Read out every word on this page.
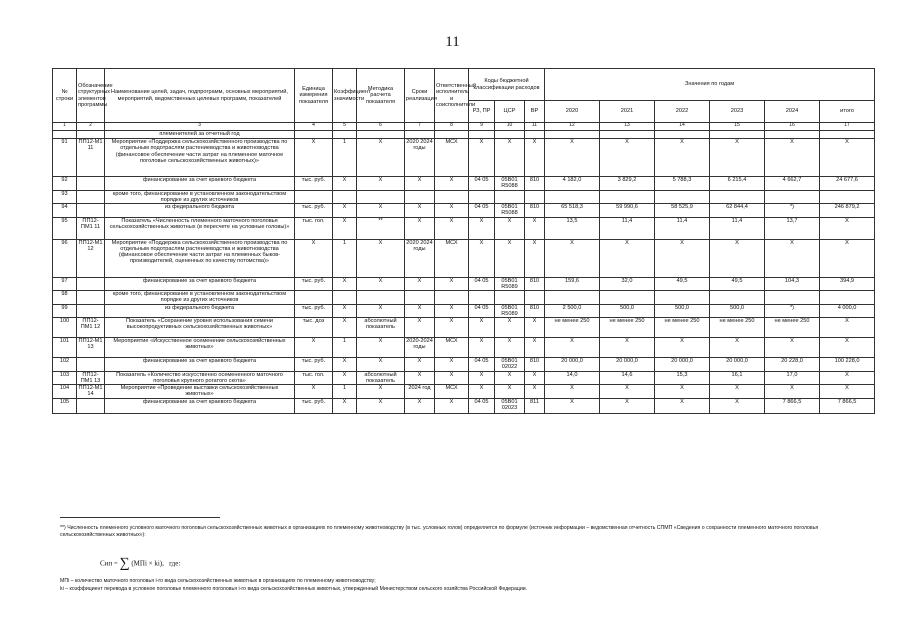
11
№ строки	Обозначение структурных элементов программы	Наименование целей, задач, подпрограмм, основных мероприятий, мероприятий, ведомственных целевых программ, показателей	Единица измерения показателя	Коэффициент значимости	Методика расчета показателя	Сроки реализации	Ответственный исполнитель и соисполнители	Коды бюджетной классификации расходов			Значения по годам					
								РЗ, ПР	ЦСР	ВР	2020	2021	2022	2023	2024	итого
1	2	3	4	5	6	7	8	9	10	11	12	13	14	15	16	17
		племенителей за отчетный год														
91	ПП12-М1 11	Мероприятие «Поддержка сельскохозяйственного производства по отдельным подотраслям растениеводства и животноводства (финансовое обеспечение части затрат на племенное маточное поголовье сельскохозяйственных животных)»	Х	1	Х	2020 2024 годы	МСХ	Х	Х	Х	Х	Х	Х	Х	Х	Х
92		финансирование за счет краевого бюджета	тыс. руб.	Х	Х	Х	Х	04 05	05В01 R5088	810	4 182,0	3 829,2	5 788,3	6 215,4	4 662,7	24 677,6
93		кроме того, финансирование в установленном законодательством порядке из других источников														
94		из федерального бюджета	тыс. руб.	Х	Х	Х	Х	04 05	05В01 R5088	810	65 518,3	59 990,6	58 525,9	62 844,4	*)	246 879,2
95	ПП12-ПМ1 11	Показатель «Численность племенного маточного поголовья сельскохозяйственных животных (в пересчете на условные головы)»	тыс. гол.	Х	**	Х	Х	Х	Х	Х	13,5	11,4	11,4	11,4	13,7	Х
96	ПП12-М1 12	Мероприятие «Поддержка сельскохозяйственного производства по отдельным подотраслям растениеводства и животноводства (финансовое обеспечение части затрат на племенных быков-производителей, оцененных по качеству потомства)»	Х	1	Х	2020 2024 годы	МСХ	Х	Х	Х	Х	Х	Х	Х	Х	Х
97		финансирование за счет краевого бюджета	тыс. руб.	Х	Х	Х	Х	04 05	05В01 R5089	810	159,6	32,0	49,5	49,5	104,3	394,9
98		кроме того, финансирование в установленном законодательством порядке из других источников														
99		из федерального бюджета	тыс. руб.	Х	Х	Х	Х	04 05	05В01 R5089	810	2 500,0	500,0	500,0	500,0	*)	4 000,0
100	ПП12-ПМ1 12	Показатель «Сохранение уровня использования семени высокопродуктивных сельскохозяйственных животных»	тыс. доз	Х	абсолютный показатель	Х	Х	Х	Х	Х	не менее 250	не менее 250	не менее 250	не менее 250	не менее 250	Х
101	ПП12-М1 13	Мероприятие «Искусственное осеменение сельскохозяйственных животных»	Х	1	Х	2020-2024 годы	МСХ	Х	Х	Х	Х	Х	Х	Х	Х	Х
102		финансирование за счет краевого бюджета	тыс. руб.	Х	Х	Х	Х	04 05	05В01 02022	810	20 000,0	20 000,0	20 000,0	20 000,0	20 228,0	100 228,0
103	ПП12-ПМ1 13	Показатель «Количество искусственно осемененного маточного поголовья крупного рогатого скота»	тыс. гол.	Х	абсолютный показатель	Х	Х	Х	Х	Х	14,0	14,6	15,3	16,1	17,0	Х
104	ПП12-М1 14	Мероприятие «Проведение выставки сельскохозяйственных животных»	Х	1	Х	2024 год	МСХ	Х	Х	Х	Х	Х	Х	Х	Х	Х
105		финансирование за счет краевого бюджета	тыс. руб.	Х	Х	Х	Х	04 05	05В01 02023	811	Х	Х	Х	Х	7 866,5	7 866,5
**) Численность племенного условного маточного поголовья сельскохозяйственных животных в организациях по племенному животноводству (в тыс. условных голов) определяется по формуле (источник информации – ведомственная отчетность СПМП «Сведения о сохранности племенного маточного поголовья сельскохозяйственных животных»):
Сип = ∑ (МПi × ki), где:
МПi – количество маточного поголовья i-го вида сельскохозяйственных животных в организациях по племенному животноводству;
ki – коэффициент перевода в условное поголовье племенного поголовья i-го вида сельскохозяйственных животных, утвержденный Министерством сельского хозяйства Российской Федерации.
